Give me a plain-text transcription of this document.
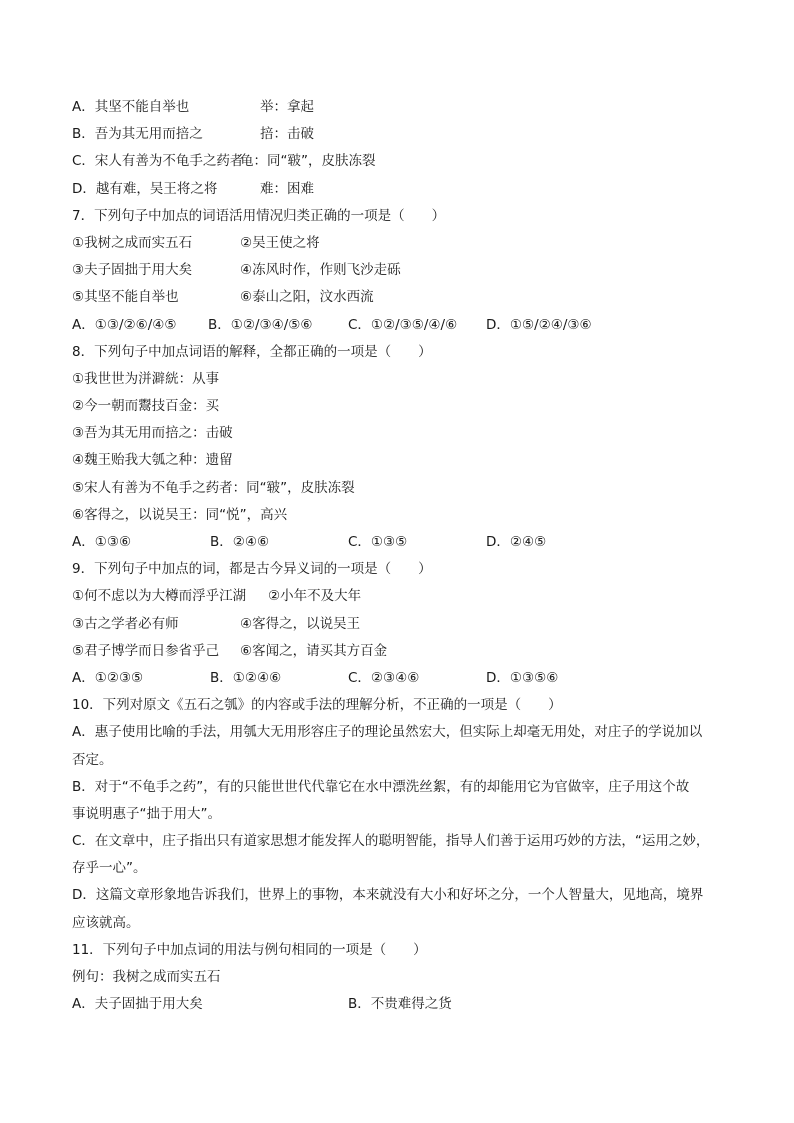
A．其坚不能自举也	举：拿起
B．吾为其无用而掊之	掊：击破
C．宋人有善为不龟手之药者
龟：同“皲”，皮肤冻裂
D．越有难，吴王将之将	难：困难
7．下列句子中加点的词语活用情况归类正确的一项是（　　）
①我树之成而实五石	②吴王使之将
③夫子固拙于用大矣	④冻风时作，作则飞沙走砾
⑤其坚不能自举也	⑥泰山之阳，汶水西流
A．①③/②⑥/④⑤ B．①②/③④/⑤⑥	C．①②/③⑤/④/⑥ D．①⑤/②④/③⑥
8．下列句子中加点词语的解释，全都正确的一项是（　　）
①我世世为洴澼絖：从事
②今一朝而鬻技百金：买
③吾为其无用而掊之：击破
④魏王贻我大瓠之种：遗留
⑤宋人有善为不龟手之药者：同“皲”，皮肤冻裂
⑥客得之，以说吴王：同“悦”，高兴
A．①③⑥	B．②④⑥	C．①③⑤	D．②④⑤
9．下列句子中加点的词，都是古今异义词的一项是（　　）
①何不虑以为大樽而浮乎江湖 ②小年不及大年
③古之学者必有师	④客得之，以说吴王
⑤君子博学而日参省乎己 ⑥客闻之，请买其方百金
A．①②③⑤	B．①②④⑥	C．②③④⑥	D．①③⑤⑥
10．下列对原文《五石之瓠》的内容或手法的理解分析，不正确的一项是（　　）
A．惠子使用比喻的手法，用瓠大无用形容庄子的理论虽然宏大，但实际上却毫无用处，对庄子的学说加以
否定。
B．对于“不龟手之药”，有的只能世世代代靠它在水中漂洗丝絮，有的却能用它为官做宰，庄子用这个故
事说明惠子“拙于用大”。
C．在文章中，庄子指出只有道家思想才能发挥人的聪明智能，指导人们善于运用巧妙的方法，“运用之妙，
存乎一心”。
D．这篇文章形象地告诉我们，世界上的事物，本来就没有大小和好坏之分，一个人智量大，见地高，境界
应该就高。
11．下列句子中加点词的用法与例句相同的一项是（　　）
例句：我树之成而实五石
A．夫子固拙于用大矣	B．不贵难得之货
